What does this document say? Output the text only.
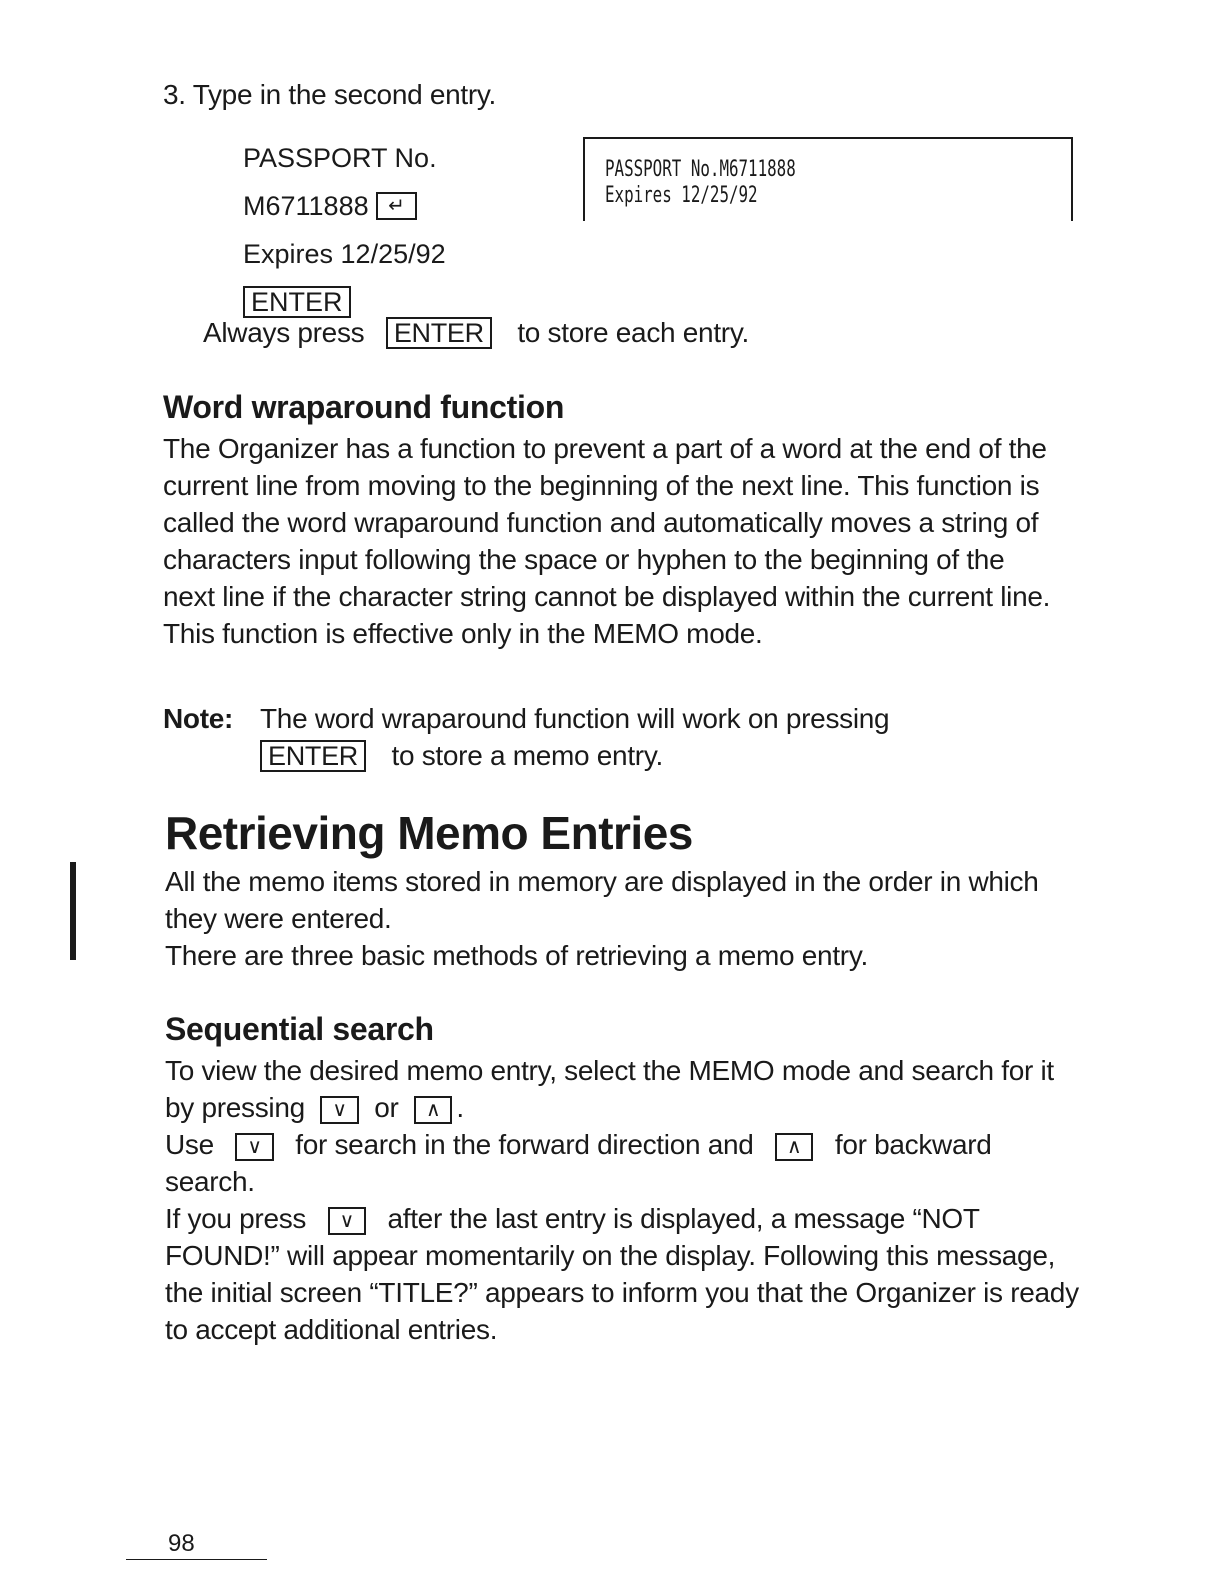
3. Type in the second entry.
PASSPORT No.
M6711888 ↵
Expires 12/25/92
ENTER
PASSPORT No.M6711888
Expires 12/25/92
Always press ENTER to store each entry.
Word wraparound function
The Organizer has a function to prevent a part of a word at the end of the current line from moving to the beginning of the next line. This function is called the word wraparound function and automatically moves a string of characters input following the space or hyphen to the beginning of the next line if the character string cannot be displayed within the current line. This function is effective only in the MEMO mode.
Note: The word wraparound function will work on pressing
ENTER to store a memo entry.
Retrieving Memo Entries

All the memo items stored in memory are displayed in the order in which they were entered.

There are three basic methods of retrieving a memo entry.

Sequential search

To view the desired memo entry, select the MEMO mode and search for it by pressing ∨ or ∧ .

Use ∨ for search in the forward direction and ∧ for backward search.

If you press ∨ after the last entry is displayed, a message “NOT FOUND!” will appear momentarily on the display. Following this message, the initial screen “TITLE?” appears to inform you that the Organizer is ready to accept additional entries.

98
